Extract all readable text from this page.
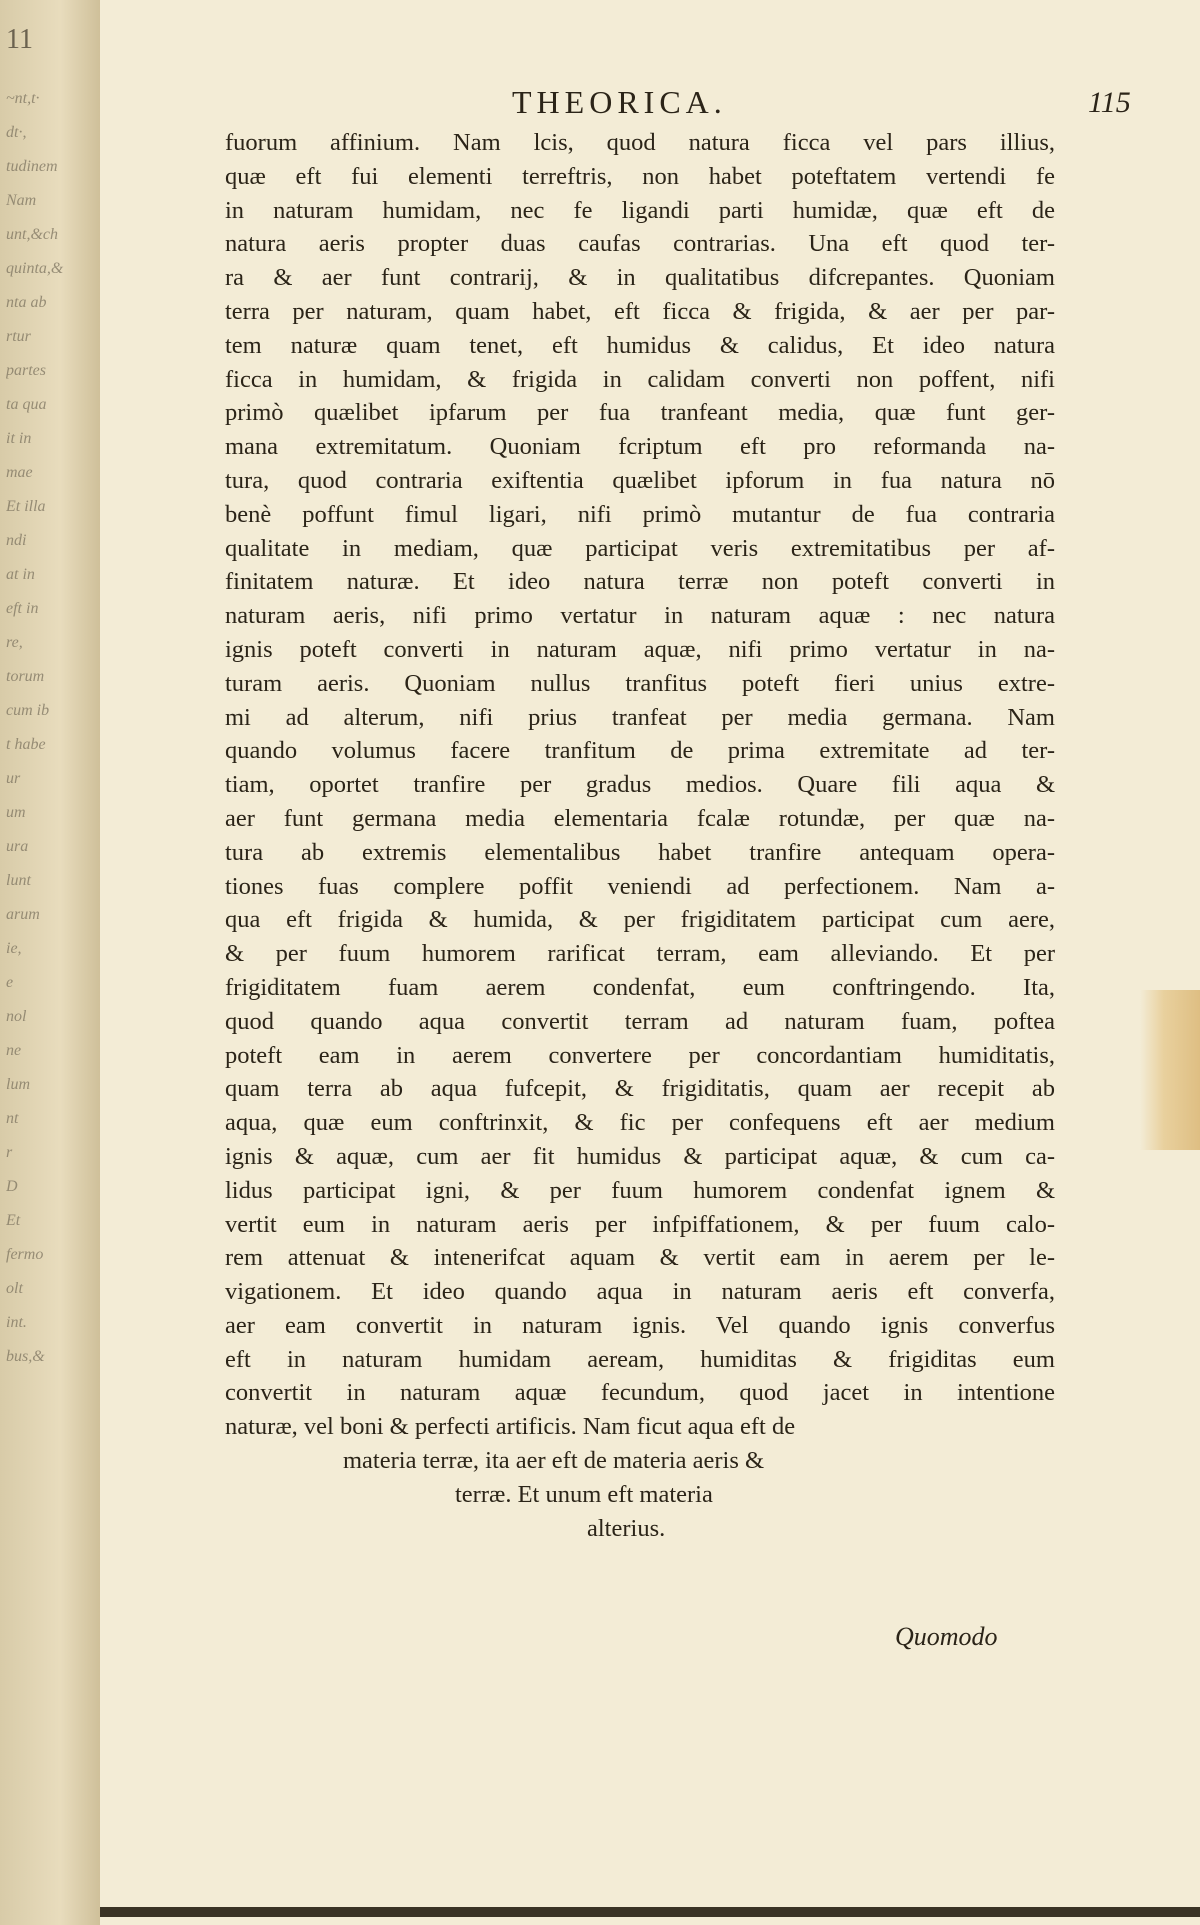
~nt,t·
dt·,
tudinem
Nam
unt,&ch
quinta,&
nta ab
rtur
partes
ta qua
it in
mae
Et illa
ndi
at in
eft in
re,
torum
cum ib
t habe
ur
um
ura
lunt
arum
ie,
e
nol
ne
lum
nt
r
D
Et
fermo
olt
int.
bus,&
THEORICA.	115
fuorum affinium. Nam lcis, quod natura ficca vel pars illius,
quæ eft fui elementi terreftris, non habet poteftatem vertendi fe
in naturam humidam, nec fe ligandi parti humidæ, quæ eft de
natura aeris propter duas caufas contrarias. Una eft quod ter-
ra & aer funt contrarij, & in qualitatibus difcrepantes. Quoniam
terra per naturam, quam habet, eft ficca & frigida, & aer per par-
tem naturæ quam tenet, eft humidus & calidus, Et ideo natura
ficca in humidam, & frigida in calidam converti non poffent, nifi
primò quælibet ipfarum per fua tranfeant media, quæ funt ger-
mana extremitatum. Quoniam fcriptum eft pro reformanda na-
tura, quod contraria exiftentia quælibet ipforum in fua natura nō
benè poffunt fimul ligari, nifi primò mutantur de fua contraria
qualitate in mediam, quæ participat veris extremitatibus per af-
finitatem naturæ. Et ideo natura terræ non poteft converti in
naturam aeris, nifi primo vertatur in naturam aquæ : nec natura
ignis poteft converti in naturam aquæ, nifi primo vertatur in na-
turam aeris. Quoniam nullus tranfitus poteft fieri unius extre-
mi ad alterum, nifi prius tranfeat per media germana. Nam
quando volumus facere tranfitum de prima extremitate ad ter-
tiam, oportet tranfire per gradus medios. Quare fili aqua &
aer funt germana media elementaria fcalæ rotundæ, per quæ na-
tura ab extremis elementalibus habet tranfire antequam opera-
tiones fuas complere poffit veniendi ad perfectionem. Nam a-
qua eft frigida & humida, & per frigiditatem participat cum aere,
& per fuum humorem rarificat terram, eam alleviando. Et per
frigiditatem fuam aerem condenfat, eum conftringendo. Ita,
quod quando aqua convertit terram ad naturam fuam, poftea
poteft eam in aerem convertere per concordantiam humiditatis,
quam terra ab aqua fufcepit, & frigiditatis, quam aer recepit ab
aqua, quæ eum conftrinxit, & fic per confequens eft aer medium
ignis & aquæ, cum aer fit humidus & participat aquæ, & cum ca-
lidus participat igni, & per fuum humorem condenfat ignem &
vertit eum in naturam aeris per infpiffationem, & per fuum calo-
rem attenuat & intenerifcat aquam & vertit eam in aerem per le-
vigationem. Et ideo quando aqua in naturam aeris eft converfa,
aer eam convertit in naturam ignis. Vel quando ignis converfus
eft in naturam humidam aeream, humiditas & frigiditas eum
convertit in naturam aquæ fecundum, quod jacet in intentione
naturæ, vel boni & perfecti artificis. Nam ficut aqua eft de
materia terræ, ita aer eft de materia aeris &
terræ. Et unum eft materia
alterius.
Quomodo
11
